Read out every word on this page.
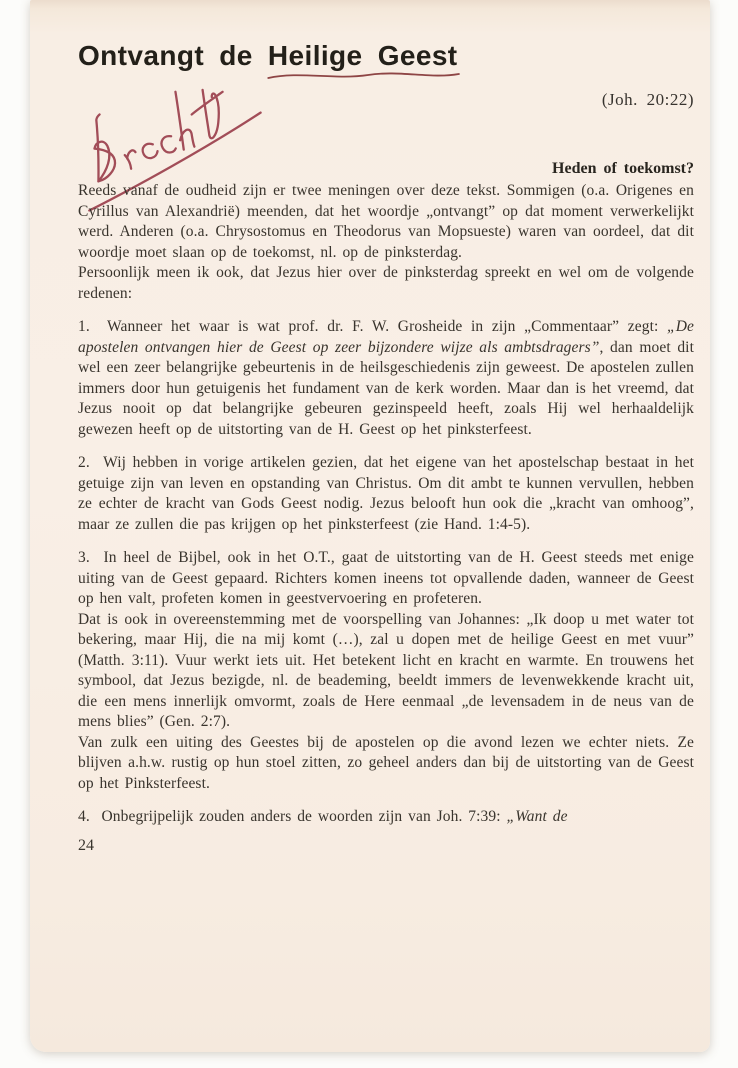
Ontvangt de Heilige Geest

(Joh. 20:22)

Heden of toekomst?

Reeds vanaf de oudheid zijn er twee meningen over deze tekst. Sommigen (o.a. Origenes en Cyrillus van Alexandrië) meenden, dat het woordje „ontvangt” op dat moment verwerkelijkt werd. Anderen (o.a. Chrysostomus en Theodorus van Mopsueste) waren van oordeel, dat dit woordje moet slaan op de toekomst, nl. op de pinksterdag.

Persoonlijk meen ik ook, dat Jezus hier over de pinksterdag spreekt en wel om de volgende redenen:

1.  Wanneer het waar is wat prof. dr. F. W. Grosheide in zijn „Commentaar” zegt: „De apostelen ontvangen hier de Geest op zeer bijzondere wijze als ambtsdragers”, dan moet dit wel een zeer belangrijke gebeurtenis in de heilsgeschiedenis zijn geweest. De apostelen zullen immers door hun getuigenis het fundament van de kerk worden. Maar dan is het vreemd, dat Jezus nooit op dat belangrijke gebeuren gezinspeeld heeft, zoals Hij wel herhaaldelijk gewezen heeft op de uitstorting van de H. Geest op het pinksterfeest.

2.  Wij hebben in vorige artikelen gezien, dat het eigene van het apostelschap bestaat in het getuige zijn van leven en opstanding van Christus. Om dit ambt te kunnen vervullen, hebben ze echter de kracht van Gods Geest nodig. Jezus belooft hun ook die „kracht van omhoog”, maar ze zullen die pas krijgen op het pinksterfeest (zie Hand. 1:4-5).

3.  In heel de Bijbel, ook in het O.T., gaat de uitstorting van de H. Geest steeds met enige uiting van de Geest gepaard. Richters komen ineens tot opvallende daden, wanneer de Geest op hen valt, profeten komen in geestvervoering en profeteren.

Dat is ook in overeenstemming met de voorspelling van Johannes: „Ik doop u met water tot bekering, maar Hij, die na mij komt (…), zal u dopen met de heilige Geest en met vuur” (Matth. 3:11). Vuur werkt iets uit. Het betekent licht en kracht en warmte. En trouwens het symbool, dat Jezus bezigde, nl. de beademing, beeldt immers de levenwekkende kracht uit, die een mens innerlijk omvormt, zoals de Here eenmaal „de levensadem in de neus van de mens blies” (Gen. 2:7).

Van zulk een uiting des Geestes bij de apostelen op die avond lezen we echter niets. Ze blijven a.h.w. rustig op hun stoel zitten, zo geheel anders dan bij de uitstorting van de Geest op het Pinksterfeest.

4.  Onbegrijpelijk zouden anders de woorden zijn van Joh. 7:39: „Want de

24
